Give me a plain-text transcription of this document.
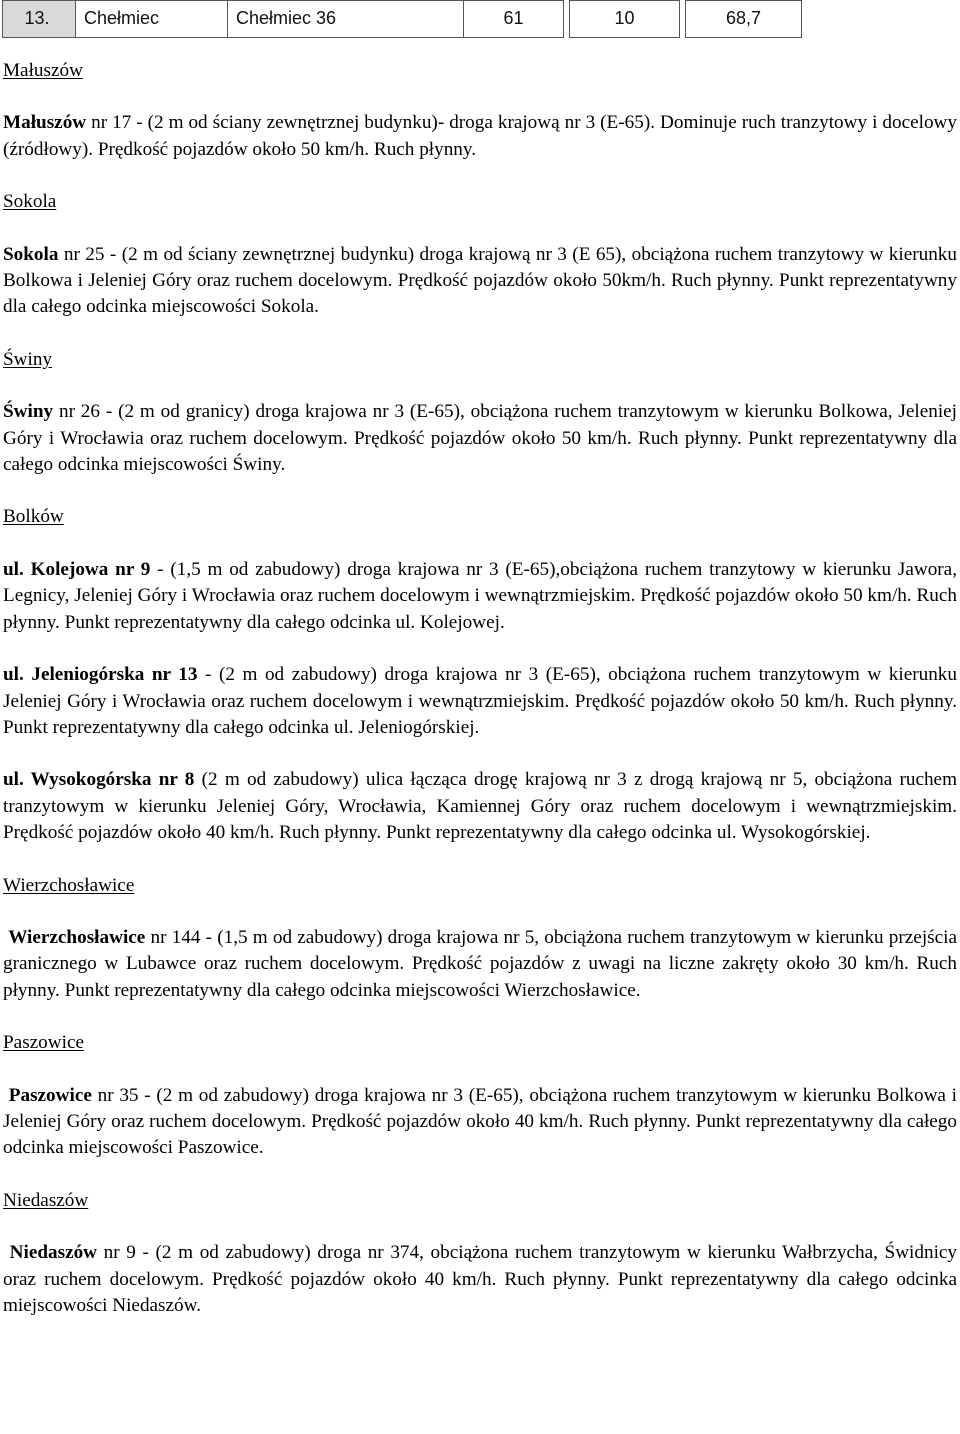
13.	Chełmiec	Chełmiec 36	61	10	68,7

Małuszów

Małuszów nr 17 - (2 m od ściany zewnętrznej budynku)- droga krajową nr 3 (E-65). Dominuje ruch tranzytowy i docelowy (źródłowy). Prędkość pojazdów około 50 km/h. Ruch płynny.

Sokola

Sokola nr 25 - (2 m od ściany zewnętrznej budynku) droga krajową nr 3 (E 65), obciążona ruchem tranzytowy w kierunku Bolkowa i Jeleniej Góry oraz ruchem docelowym. Prędkość pojazdów około 50km/h. Ruch płynny. Punkt reprezentatywny dla całego odcinka miejscowości Sokola.

Świny

Świny nr 26 - (2 m od granicy) droga krajowa nr 3 (E-65), obciążona ruchem tranzytowym w kierunku Bolkowa, Jeleniej Góry i Wrocławia oraz ruchem docelowym. Prędkość pojazdów około 50 km/h. Ruch płynny. Punkt reprezentatywny dla całego odcinka miejscowości Świny.

Bolków

ul. Kolejowa nr 9 - (1,5 m od zabudowy) droga krajowa nr 3 (E-65),obciążona ruchem tranzytowy w kierunku Jawora, Legnicy, Jeleniej Góry i Wrocławia oraz ruchem docelowym i wewnątrzmiejskim. Prędkość pojazdów około 50 km/h. Ruch płynny. Punkt reprezentatywny dla całego odcinka ul. Kolejowej.

ul. Jeleniogórska nr 13 - (2 m od zabudowy) droga krajowa nr 3 (E-65), obciążona ruchem tranzytowym w kierunku Jeleniej Góry i Wrocławia oraz ruchem docelowym i wewnątrzmiejskim. Prędkość pojazdów około 50 km/h. Ruch płynny. Punkt reprezentatywny dla całego odcinka ul. Jeleniogórskiej.

ul. Wysokogórska nr 8 (2 m od zabudowy) ulica łącząca drogę krajową nr 3 z drogą krajową nr 5, obciążona ruchem tranzytowym w kierunku Jeleniej Góry, Wrocławia, Kamiennej Góry oraz ruchem docelowym i wewnątrzmiejskim. Prędkość pojazdów około 40 km/h. Ruch płynny. Punkt reprezentatywny dla całego odcinka ul. Wysokogórskiej.

Wierzchosławice

Wierzchosławice nr 144 - (1,5 m od zabudowy) droga krajowa nr 5, obciążona ruchem tranzytowym w kierunku przejścia granicznego w Lubawce oraz ruchem docelowym. Prędkość pojazdów z uwagi na liczne zakręty około 30 km/h. Ruch płynny. Punkt reprezentatywny dla całego odcinka miejscowości Wierzchosławice.

Paszowice

Paszowice nr 35 - (2 m od zabudowy) droga krajowa nr 3 (E-65), obciążona ruchem tranzytowym w kierunku Bolkowa i Jeleniej Góry oraz ruchem docelowym. Prędkość pojazdów około 40 km/h. Ruch płynny. Punkt reprezentatywny dla całego odcinka miejscowości Paszowice.

Niedaszów

Niedaszów nr 9 - (2 m od zabudowy) droga nr 374, obciążona ruchem tranzytowym w kierunku Wałbrzycha, Świdnicy oraz ruchem docelowym. Prędkość pojazdów około 40 km/h. Ruch płynny. Punkt reprezentatywny dla całego odcinka miejscowości Niedaszów.
